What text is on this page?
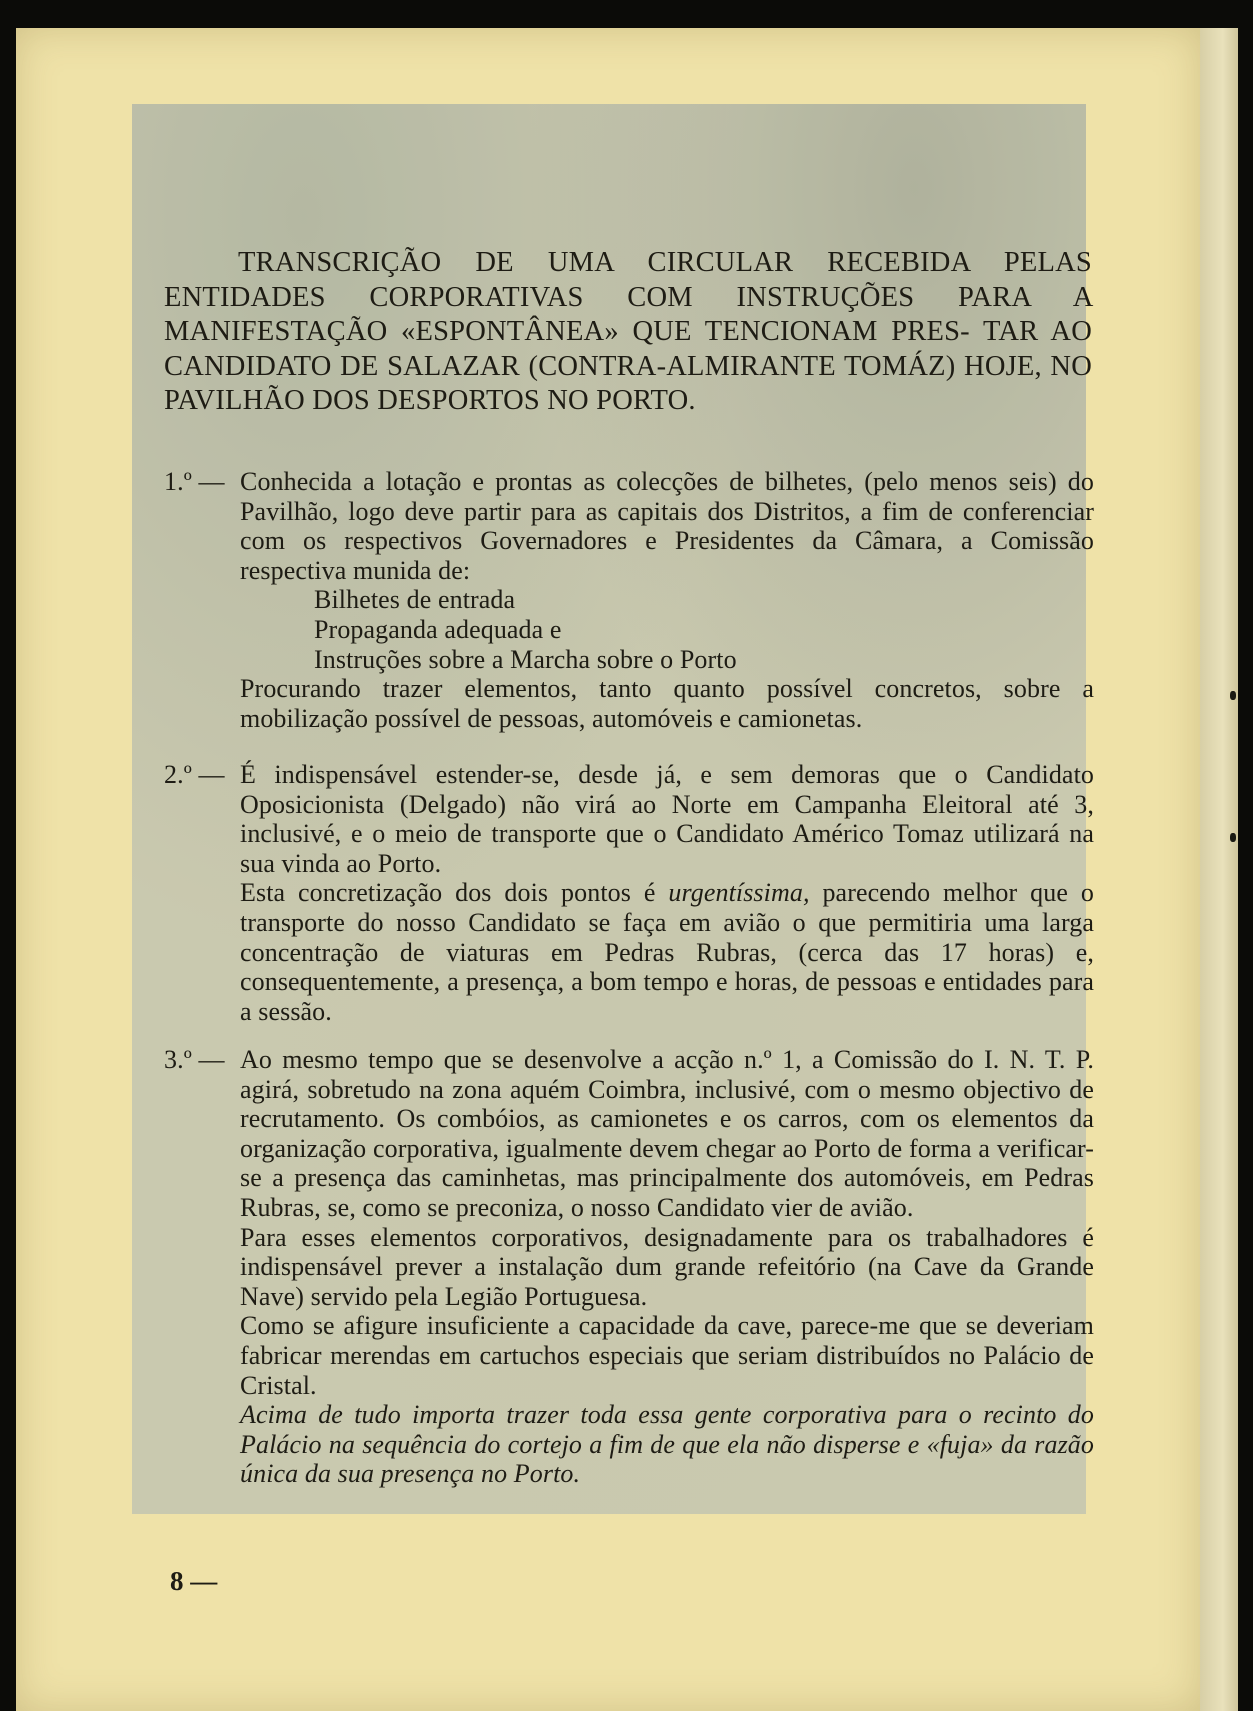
TRANSCRIÇÃO DE UMA CIRCULAR RECEBIDA PELAS ENTIDADES CORPORATIVAS COM INSTRUÇÕES PARA A MANIFESTAÇÃO «ESPONTÂNEA» QUE TENCIONAM PRES- TAR AO CANDIDATO DE SALAZAR (CONTRA-ALMIRANTE TOMÁZ) HOJE, NO PAVILHÃO DOS DESPORTOS NO PORTO.
1.º — Conhecida a lotação e prontas as colecções de bilhetes, (pelo menos seis) do Pavilhão, logo deve partir para as capitais dos Distritos, a fim de conferenciar com os respectivos Governadores e Presidentes da Câmara, a Comissão respectiva munida de:

Bilhetes de entrada

Propaganda adequada e

Instruções sobre a Marcha sobre o Porto

Procurando trazer elementos, tanto quanto possível concretos, sobre a mobilização possível de pessoas, automóveis e camionetas.

2.º — É indispensável estender-se, desde já, e sem demoras que o Candidato Oposicionista (Delgado) não virá ao Norte em Campanha Eleitoral até 3, inclusivé, e o meio de transporte que o Candidato Américo Tomaz utilizará na sua vinda ao Porto.

Esta concretização dos dois pontos é urgentíssima, parecendo melhor que o transporte do nosso Candidato se faça em avião o que permitiria uma larga concentração de viaturas em Pedras Rubras, (cerca das 17 horas) e, consequentemente, a presença, a bom tempo e horas, de pessoas e entidades para a sessão.

3.º — Ao mesmo tempo que se desenvolve a acção n.º 1, a Comissão do I. N. T. P. agirá, sobretudo na zona aquém Coimbra, inclusivé, com o mesmo objectivo de recrutamento. Os combóios, as camionetes e os carros, com os elementos da organização corporativa, igualmente devem chegar ao Porto de forma a verificar-se a presença das caminhetas, mas principalmente dos automóveis, em Pedras Rubras, se, como se preconiza, o nosso Candidato vier de avião.

Para esses elementos corporativos, designadamente para os trabalhadores é indispensável prever a instalação dum grande refeitório (na Cave da Grande Nave) servido pela Legião Portuguesa.

Como se afigure insuficiente a capacidade da cave, parece-me que se deveriam fabricar merendas em cartuchos especiais que seriam distribuídos no Palácio de Cristal.

Acima de tudo importa trazer toda essa gente corporativa para o recinto do Palácio na sequência do cortejo a fim de que ela não disperse e «fuja» da razão única da sua presença no Porto.

8 —
